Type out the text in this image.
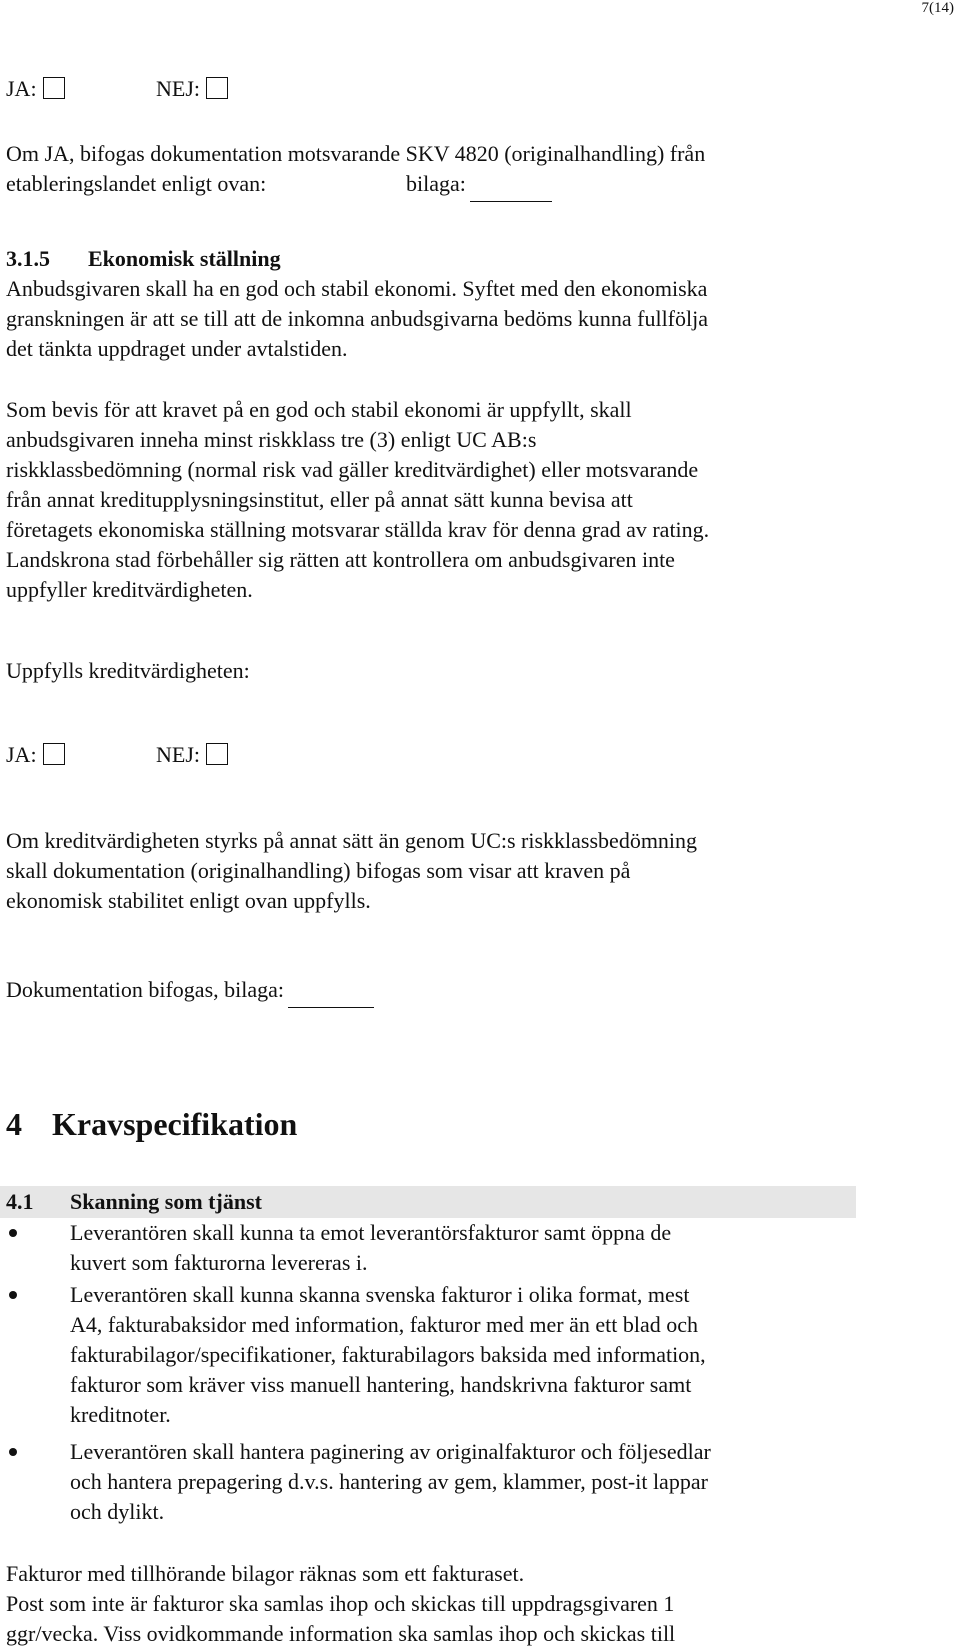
7(14)
JA:	NEJ:
Om JA, bifogas dokumentation motsvarande SKV 4820 (originalhandling) från
etableringslandet enligt ovan:	bilaga:
3.1.5 Ekonomisk ställning
Anbudsgivaren skall ha en god och stabil ekonomi. Syftet med den ekonomiska
granskningen är att se till att de inkomna anbudsgivarna bedöms kunna fullfölja
det tänkta uppdraget under avtalstiden.
Som bevis för att kravet på en god och stabil ekonomi är uppfyllt, skall
anbudsgivaren inneha minst riskklass tre (3) enligt UC AB:s
riskklassbedömning (normal risk vad gäller kreditvärdighet) eller motsvarande
från annat kreditupplysningsinstitut, eller på annat sätt kunna bevisa att
företagets ekonomiska ställning motsvarar ställda krav för denna grad av rating.
Landskrona stad förbehåller sig rätten att kontrollera om anbudsgivaren inte
uppfyller kreditvärdigheten.
Uppfylls kreditvärdigheten:
JA:	NEJ:
Om kreditvärdigheten styrks på annat sätt än genom UC:s riskklassbedömning
skall dokumentation (originalhandling) bifogas som visar att kraven på
ekonomisk stabilitet enligt ovan uppfylls.
Dokumentation bifogas, bilaga:
4 Kravspecifikation
4.1 Skanning som tjänst
Leverantören skall kunna ta emot leverantörsfakturor samt öppna de
kuvert som fakturorna levereras i.
Leverantören skall kunna skanna svenska fakturor i olika format, mest
A4, fakturabaksidor med information, fakturor med mer än ett blad och
fakturabilagor/specifikationer, fakturabilagors baksida med information,
fakturor som kräver viss manuell hantering, handskrivna fakturor samt
kreditnoter.
Leverantören skall hantera paginering av originalfakturor och följesedlar
och hantera prepagering d.v.s. hantering av gem, klammer, post-it lappar
och dylikt.
Fakturor med tillhörande bilagor räknas som ett fakturaset.
Post som inte är fakturor ska samlas ihop och skickas till uppdragsgivaren 1
ggr/vecka. Viss ovidkommande information ska samlas ihop och skickas till
